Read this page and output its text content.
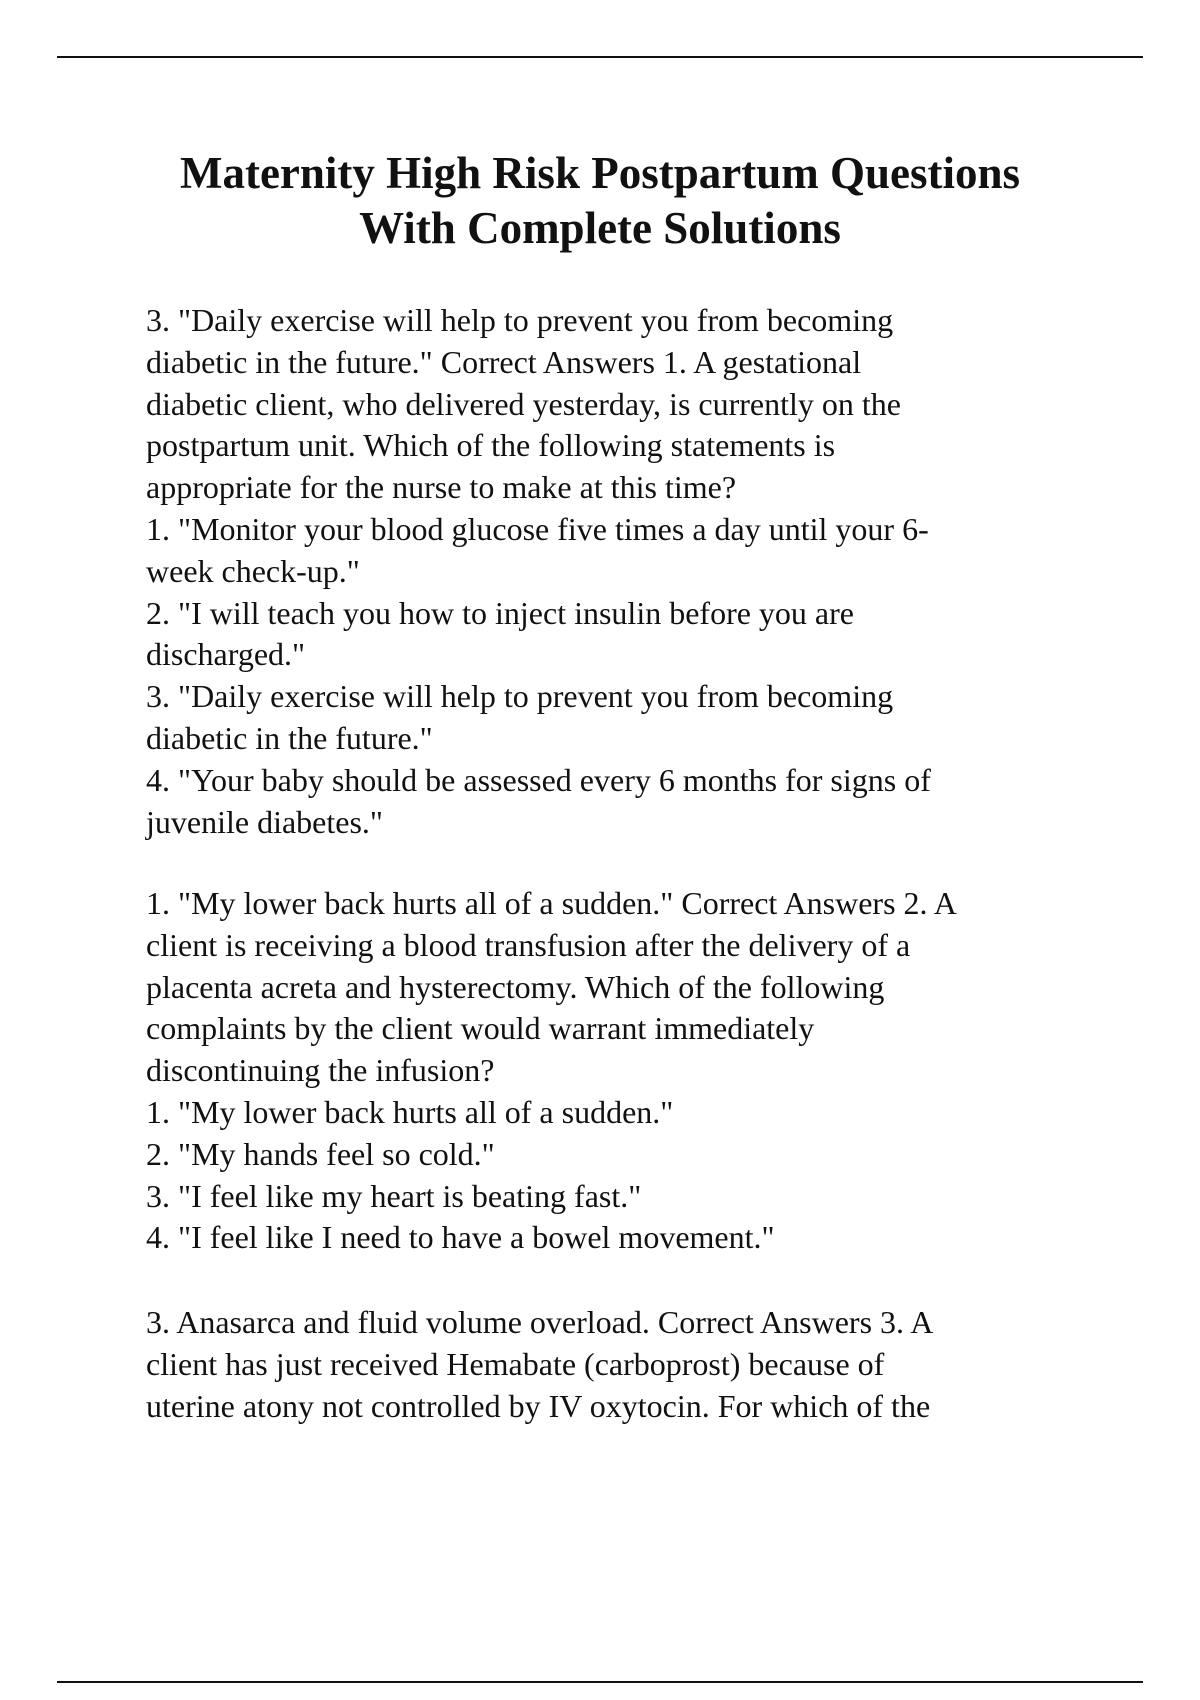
Maternity High Risk Postpartum Questions
With Complete Solutions
3. "Daily exercise will help to prevent you from becoming
diabetic in the future." Correct Answers 1. A gestational
diabetic client, who delivered yesterday, is currently on the
postpartum unit. Which of the following statements is
appropriate for the nurse to make at this time?
1. "Monitor your blood glucose five times a day until your 6-
week check-up."
2. "I will teach you how to inject insulin before you are
discharged."
3. "Daily exercise will help to prevent you from becoming
diabetic in the future."
4. "Your baby should be assessed every 6 months for signs of
juvenile diabetes."
1. "My lower back hurts all of a sudden." Correct Answers 2. A
client is receiving a blood transfusion after the delivery of a
placenta acreta and hysterectomy. Which of the following
complaints by the client would warrant immediately
discontinuing the infusion?
1. "My lower back hurts all of a sudden."
2. "My hands feel so cold."
3. "I feel like my heart is beating fast."
4. "I feel like I need to have a bowel movement."
3. Anasarca and fluid volume overload. Correct Answers 3. A
client has just received Hemabate (carboprost) because of
uterine atony not controlled by IV oxytocin. For which of the
